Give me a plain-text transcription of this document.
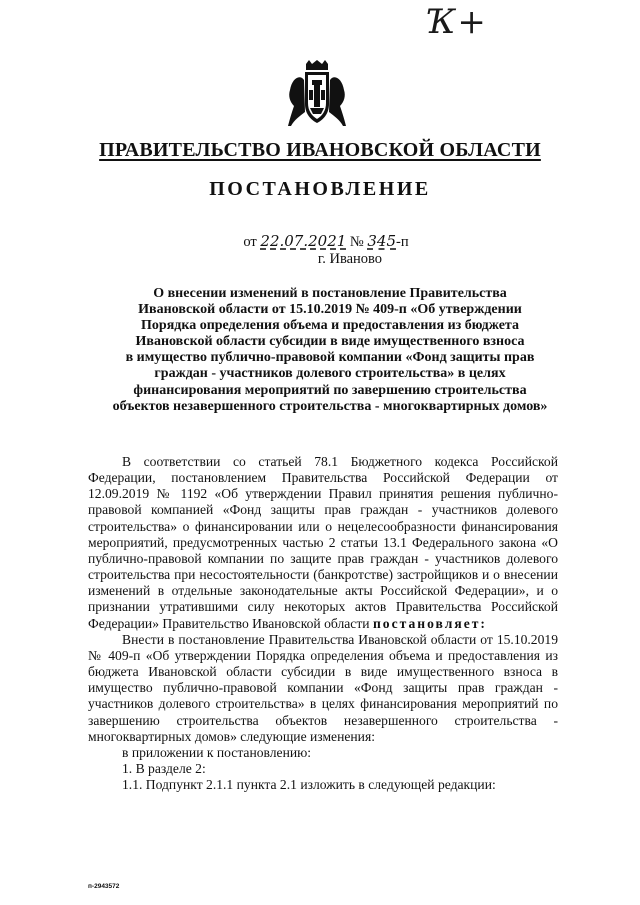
Ҡ+
ПРАВИТЕЛЬСТВО ИВАНОВСКОЙ ОБЛАСТИ
ПОСТАНОВЛЕНИЕ
от 22.07.2021 № 345-п
г. Иваново
О внесении изменений в постановление Правительства
Ивановской области от 15.10.2019 № 409-п «Об утверждении
Порядка определения объема и предоставления из бюджета
Ивановской области субсидии в виде имущественного взноса
в имущество публично-правовой компании «Фонд защиты прав
граждан - участников долевого строительства» в целях
финансирования мероприятий по завершению строительства
объектов незавершенного строительства - многоквартирных домов»

В соответствии со статьей 78.1 Бюджетного кодекса Российской Федерации, постановлением Правительства Российской Федерации от 12.09.2019 № 1192 «Об утверждении Правил принятия решения публично-правовой компанией «Фонд защиты прав граждан - участников долевого строительства» о финансировании или о нецелесообразности финансирования мероприятий, предусмотренных частью 2 статьи 13.1 Федерального закона «О публично-правовой компании по защите прав граждан - участников долевого строительства при несостоятельности (банкротстве) застройщиков и о внесении изменений в отдельные законодательные акты Российской Федерации», и о признании утратившими силу некоторых актов Правительства Российской Федерации» Правительство Ивановской области постановляет:

Внести в постановление Правительства Ивановской области от 15.10.2019 № 409-п «Об утверждении Порядка определения объема и предоставления из бюджета Ивановской области субсидии в виде имущественного взноса в имущество публично-правовой компании «Фонд защиты прав граждан - участников долевого строительства» в целях финансирования мероприятий по завершению строительства объектов незавершенного строительства - многоквартирных домов» следующие изменения:

в приложении к постановлению:
1. В разделе 2:
1.1. Подпункт 2.1.1 пункта 2.1 изложить в следующей редакции:
п-2943572
